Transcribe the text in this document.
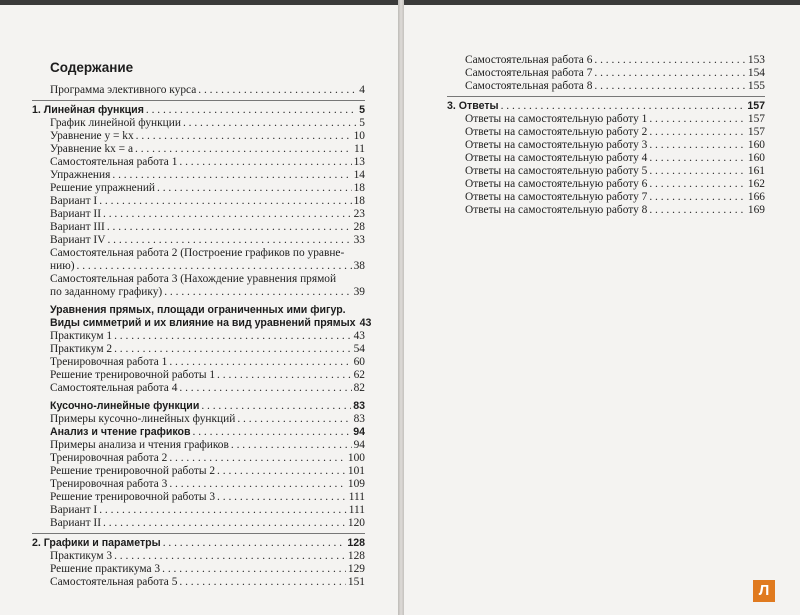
Содержание
Программа элективного курса . . .	4
1. Линейная функция . . .	5
График линейной функции . . .	5
Уравнение y = kx . . .	10
Уравнение kx = a . . .	11
Самостоятельная работа 1 . . .	13
Упражнения . . .	14
Решение упражнений . . .	18
Вариант I . . .	18
Вариант II . . .	23
Вариант III . . .	28
Вариант IV . . .	33
Самостоятельная работа 2 (Построение графиков по уравне-
нию) . . .	38
Самостоятельная работа 3 (Нахождение уравнения прямой
по заданному графику) . . .	39
Уравнения прямых, площади ограниченных ими фигур.
Виды симметрий и их влияние на вид уравнений прямых 43
Практикум 1 . . .	43
Практикум 2 . . .	54
Тренировочная работа 1 . . .	60
Решение тренировочной работы 1 . . .	62
Самостоятельная работа 4 . . .	82
Кусочно-линейные функции . . .	83
Примеры кусочно-линейных функций . . .	83
Анализ и чтение графиков . . .	94
Примеры анализа и чтения графиков . . .	94
Тренировочная работа 2 . . .	100
Решение тренировочной работы 2 . . .	101
Тренировочная работа 3 . . .	109
Решение тренировочной работы 3 . . .	111
Вариант I . . .	111
Вариант II . . .	120
2. Графики и параметры . . .	128
Практикум 3 . . .	128
Решение практикума 3 . . .	129
Самостоятельная работа 5 . . .	151
Самостоятельная работа 6 . . .	153
Самостоятельная работа 7 . . .	154
Самостоятельная работа 8 . . .	155
3. Ответы . . .	157
Ответы на самостоятельную работу 1 . . .	157
Ответы на самостоятельную работу 2 . . .	157
Ответы на самостоятельную работу 3 . . .	160
Ответы на самостоятельную работу 4 . . .	160
Ответы на самостоятельную работу 5 . . .	161
Ответы на самостоятельную работу 6 . . .	162
Ответы на самостоятельную работу 7 . . .	166
Ответы на самостоятельную работу 8 . . .	169
Л
